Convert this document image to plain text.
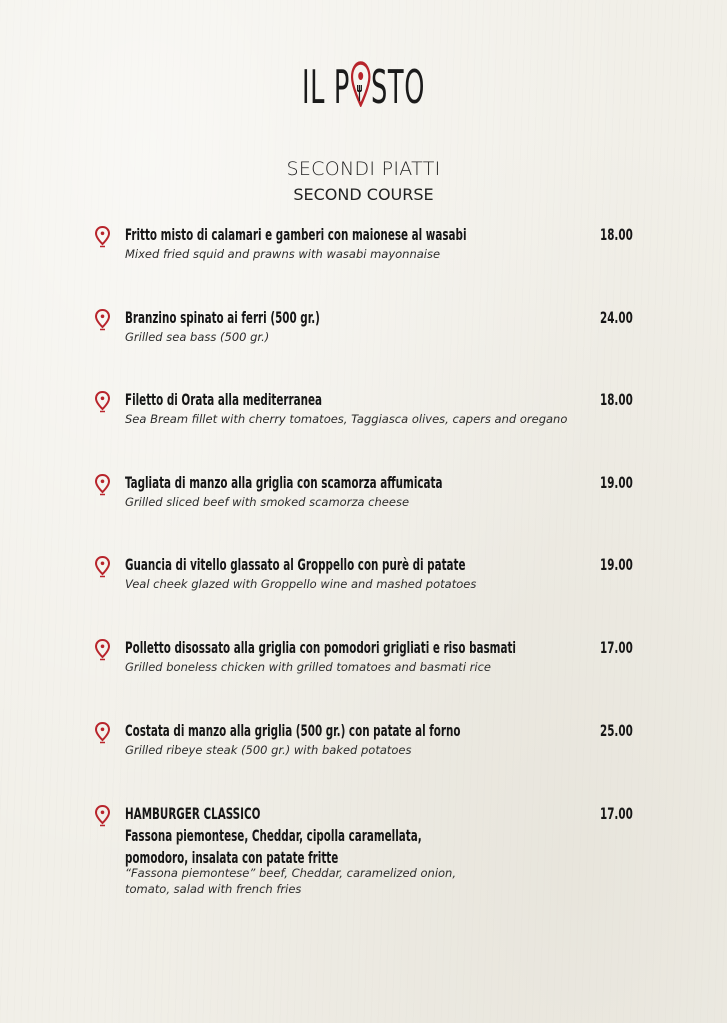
IL P STO
SECONDI PIATTI
SECOND COURSE
Fritto misto di calamari e gamberi con maionese al wasabi
Mixed fried squid and prawns with wasabi mayonnaise
18.00
Branzino spinato ai ferri (500 gr.)
Grilled sea bass (500 gr.)
24.00
Filetto di Orata alla mediterranea
Sea Bream fillet with cherry tomatoes, Taggiasca olives, capers and oregano
18.00
Tagliata di manzo alla griglia con scamorza affumicata
Grilled sliced beef with smoked scamorza cheese
19.00
Guancia di vitello glassato al Groppello con purè di patate
Veal cheek glazed with Groppello wine and mashed potatoes
19.00
Polletto disossato alla griglia con pomodori grigliati e riso basmati
Grilled boneless chicken with grilled tomatoes and basmati rice
17.00
Costata di manzo alla griglia (500 gr.) con patate al forno
Grilled ribeye steak (500 gr.) with baked potatoes
25.00
HAMBURGER CLASSICO
Fassona piemontese, Cheddar, cipolla caramellata,
pomodoro, insalata con patate fritte
“Fassona piemontese” beef, Cheddar, caramelized onion,
tomato, salad with french fries
17.00
